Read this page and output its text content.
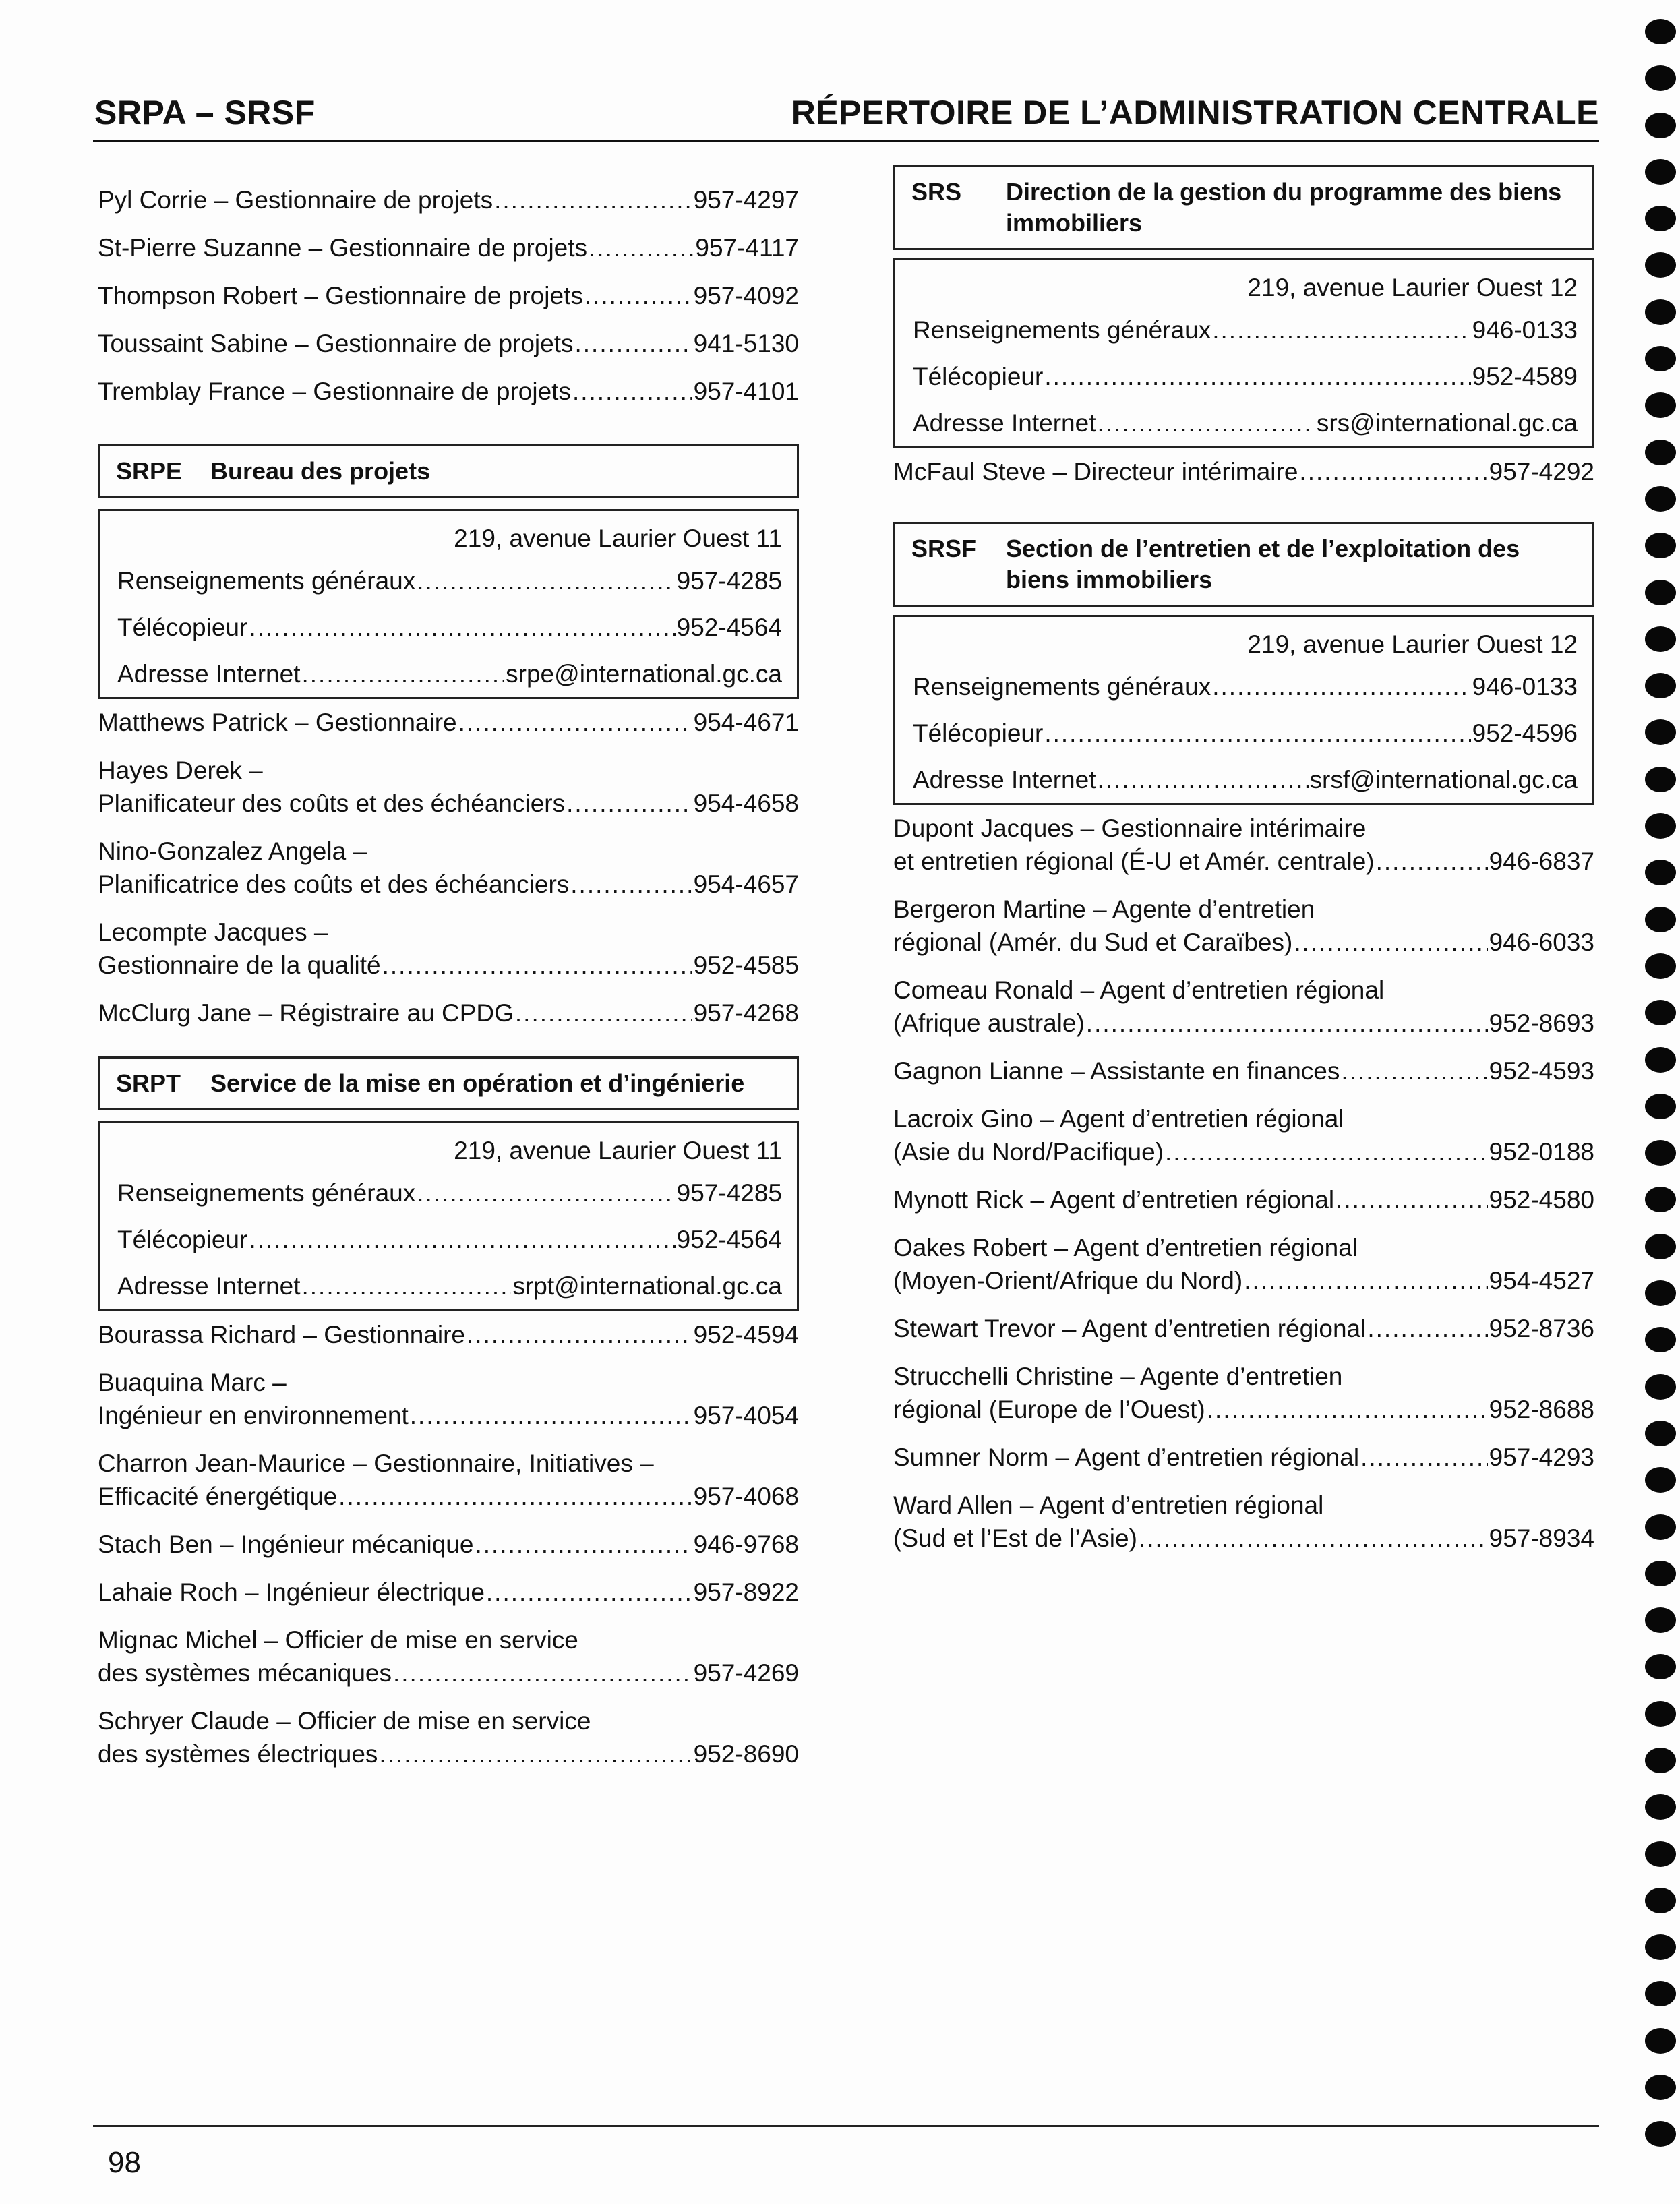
SRPA – SRSF	RÉPERTOIRE DE L’ADMINISTRATION CENTRALE
Pyl Corrie – Gestionnaire de projets .....	957-4297
St-Pierre Suzanne – Gestionnaire de projets .....	957-4117
Thompson Robert – Gestionnaire de projets .....	957-4092
Toussaint Sabine – Gestionnaire de projets .....	941-5130
Tremblay France – Gestionnaire de projets .....	957-4101
SRPE	Bureau des projets
219, avenue Laurier Ouest 11
Renseignements généraux .....	957-4285
Télécopieur .....	952-4564
Adresse Internet .....	srpe@international.gc.ca
Matthews Patrick – Gestionnaire .....	954-4671
Hayes Derek –
Planificateur des coûts et des échéanciers .....	954-4658
Nino-Gonzalez Angela –
Planificatrice des coûts et des échéanciers .....	954-4657
Lecompte Jacques –
Gestionnaire de la qualité .....	952-4585
McClurg Jane – Régistraire au CPDG .....	957-4268
SRPT	Service de la mise en opération et d’ingénierie
219, avenue Laurier Ouest 11
Renseignements généraux .....	957-4285
Télécopieur .....	952-4564
Adresse Internet .....	srpt@international.gc.ca
Bourassa Richard – Gestionnaire .....	952-4594
Buaquina Marc –
Ingénieur en environnement .....	957-4054
Charron Jean-Maurice – Gestionnaire, Initiatives –
Efficacité énergétique .....	957-4068
Stach Ben – Ingénieur mécanique .....	946-9768
Lahaie Roch – Ingénieur électrique .....	957-8922
Mignac Michel – Officier de mise en service
des systèmes mécaniques .....	957-4269
Schryer Claude – Officier de mise en service
des systèmes électriques .....	952-8690
SRS	Direction de la gestion du programme des biens immobiliers
219, avenue Laurier Ouest 12
Renseignements généraux .....	946-0133
Télécopieur .....	952-4589
Adresse Internet .....	srs@international.gc.ca
McFaul Steve – Directeur intérimaire .....	957-4292
SRSF	Section de l’entretien et de l’exploitation des biens immobiliers
219, avenue Laurier Ouest 12
Renseignements généraux .....	946-0133
Télécopieur .....	952-4596
Adresse Internet .....	srsf@international.gc.ca
Dupont Jacques – Gestionnaire intérimaire
et entretien régional (É-U et Amér. centrale) .....	946-6837
Bergeron Martine – Agente d’entretien
régional (Amér. du Sud et Caraïbes) .....	946-6033
Comeau Ronald – Agent d’entretien régional
(Afrique australe) .....	952-8693
Gagnon Lianne – Assistante en finances .....	952-4593
Lacroix Gino – Agent d’entretien régional
(Asie du Nord/Pacifique) .....	952-0188
Mynott Rick – Agent d’entretien régional .....	952-4580
Oakes Robert – Agent d’entretien régional
(Moyen-Orient/Afrique du Nord) .....	954-4527
Stewart Trevor – Agent d’entretien régional .....	952-8736
Strucchelli Christine – Agente d’entretien
régional (Europe de l’Ouest) .....	952-8688
Sumner Norm – Agent d’entretien régional .....	957-4293
Ward Allen – Agent d’entretien régional
(Sud et l’Est de l’Asie) .....	957-8934
98
